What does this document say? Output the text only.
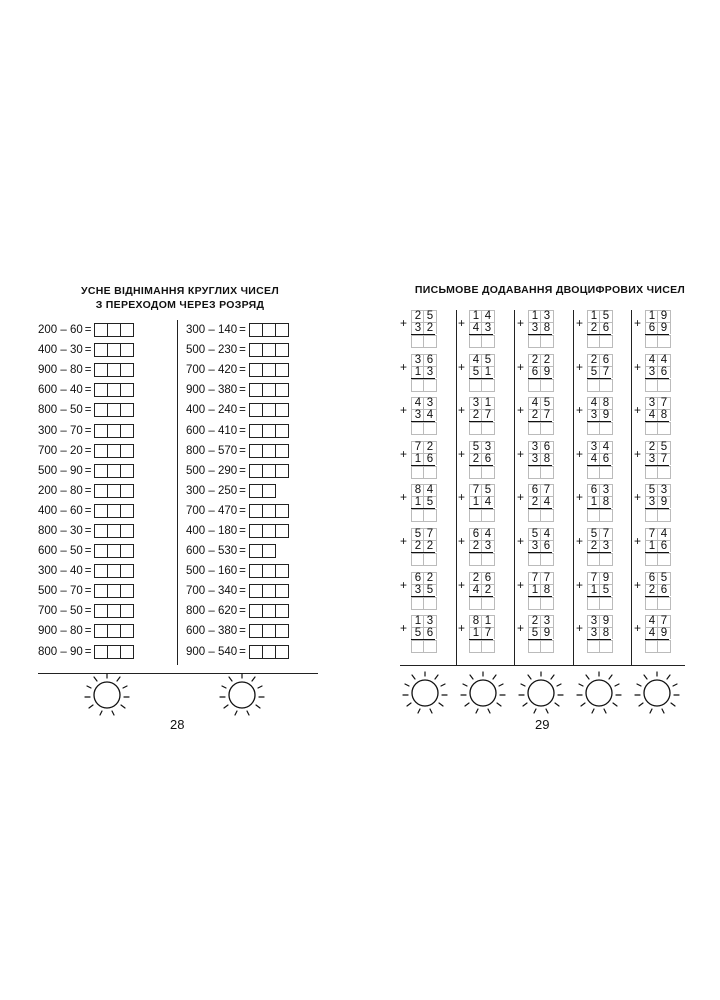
УСНЕ ВІДНІМАННЯ КРУГЛИХ ЧИСЕЛ
З ПЕРЕХОДОМ ЧЕРЕЗ РОЗРЯД
200 – 60 =
400 – 30 =
900 – 80 =
600 – 40 =
800 – 50 =
300 – 70 =
700 – 20 =
500 – 90 =
200 – 80 =
400 – 60 =
800 – 30 =
600 – 50 =
300 – 40 =
500 – 70 =
700 – 50 =
900 – 80 =
800 – 90 =
300 – 140 =
500 – 230 =
700 – 420 =
900 – 380 =
400 – 240 =
600 – 410 =
800 – 570 =
500 – 290 =
300 – 250 =
700 – 470 =
400 – 180 =
600 – 530 =
500 – 160 =
700 – 340 =
800 – 620 =
600 – 380 =
900 – 540 =
28
ПИСЬМОВЕ ДОДАВАННЯ ДВОЦИФРОВИХ ЧИСЕЛ
+ 2 5
3 2
+ 3 6
1 3
+ 4 3
3 4
+ 7 2
1 6
+ 8 4
1 5
+ 5 7
2 2
+ 6 2
3 5
+ 1 3
5 6
+ 1 4
4 3
+ 4 5
5 1
+ 3 1
2 7
+ 5 3
2 6
+ 7 5
1 4
+ 6 4
2 3
+ 2 6
4 2
+ 8 1
1 7
+ 1 3
3 8
+ 2 2
6 9
+ 4 5
2 7
+ 3 6
3 8
+ 6 7
2 4
+ 5 4
3 6
+ 7 7
1 8
+ 2 3
5 9
+ 1 5
2 6
+ 2 6
5 7
+ 4 8
3 9
+ 3 4
4 6
+ 6 3
1 8
+ 5 7
2 3
+ 7 9
1 5
+ 3 9
3 8
+ 1 9
6 9
+ 4 4
3 6
+ 3 7
4 8
+ 2 5
3 7
+ 5 3
3 9
+ 7 4
1 6
+ 6 5
2 6
+ 4 7
4 9
29
